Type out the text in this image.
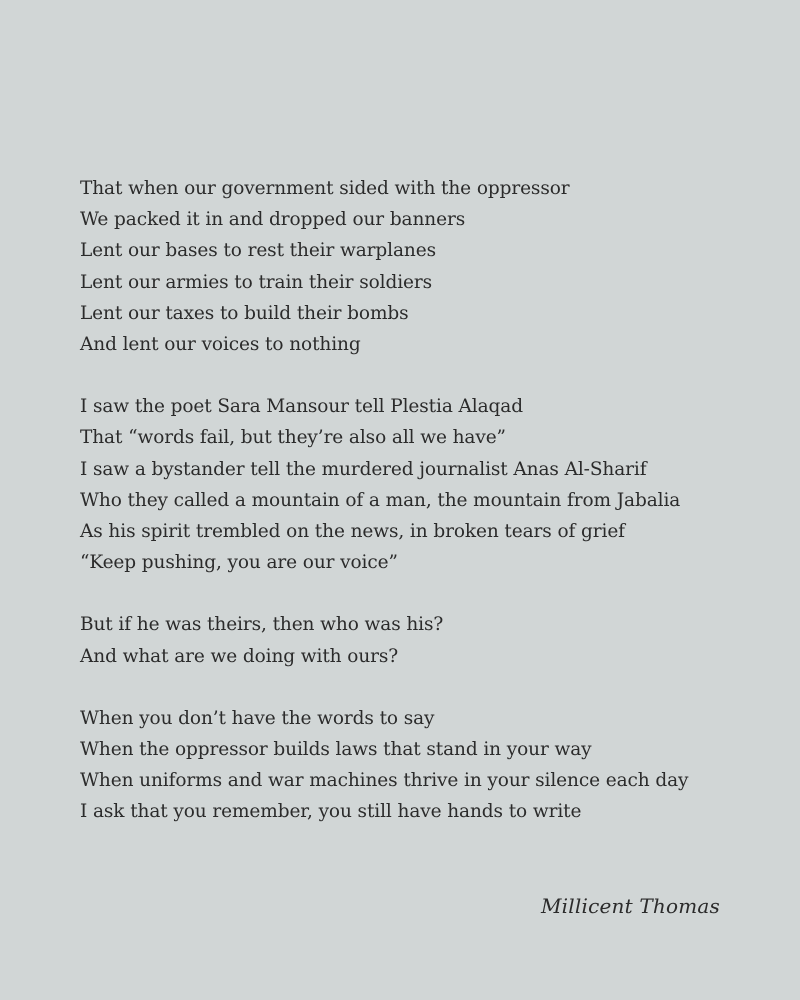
That when our government sided with the oppressor
We packed it in and dropped our banners
Lent our bases to rest their warplanes
Lent our armies to train their soldiers
Lent our taxes to build their bombs
And lent our voices to nothing
I saw the poet Sara Mansour tell Plestia Alaqad
That “words fail, but they’re also all we have”
I saw a bystander tell the murdered journalist Anas Al-Sharif
Who they called a mountain of a man, the mountain from Jabalia
As his spirit trembled on the news, in broken tears of grief
“Keep pushing, you are our voice”
But if he was theirs, then who was his?
And what are we doing with ours?
When you don’t have the words to say
When the oppressor builds laws that stand in your way
When uniforms and war machines thrive in your silence each day
I ask that you remember, you still have hands to write
Millicent Thomas
